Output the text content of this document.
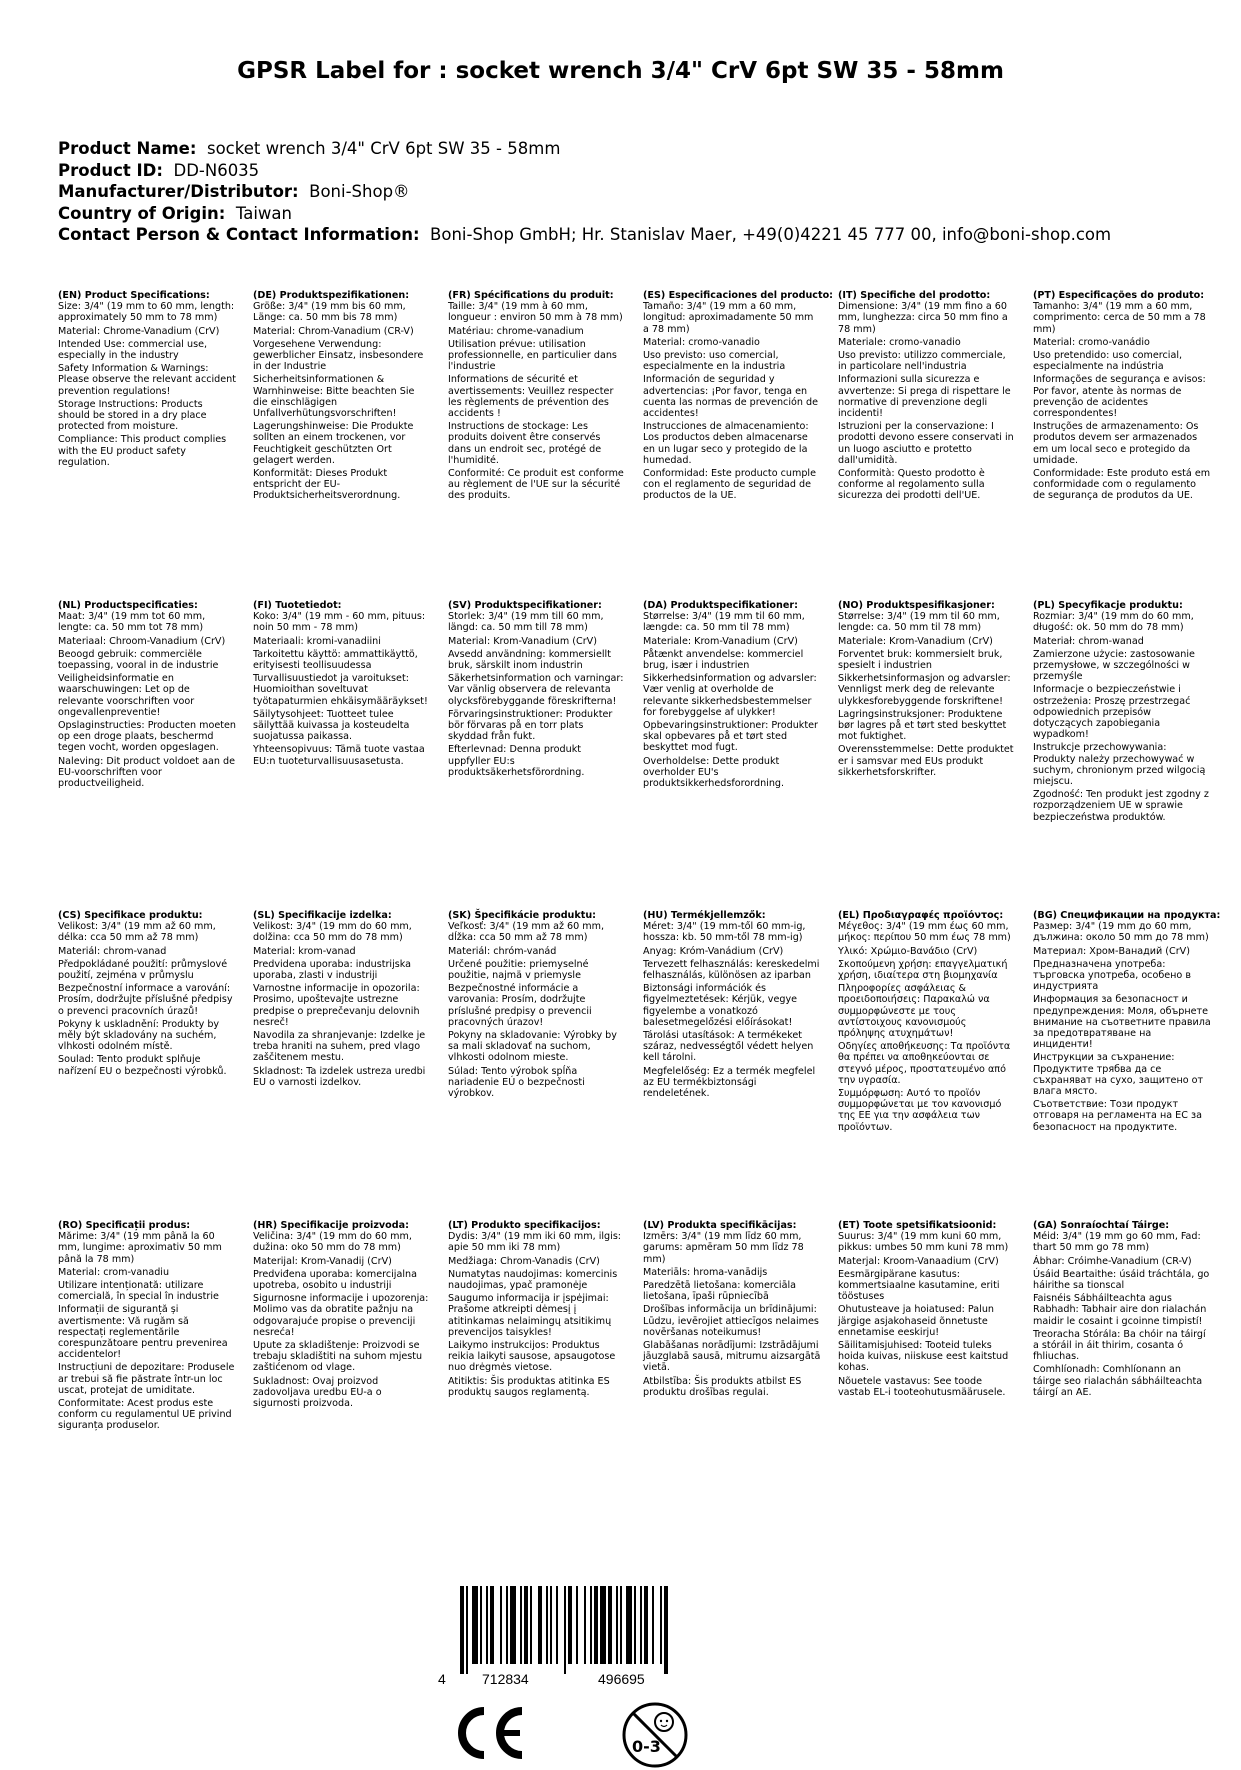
GPSR Label for : socket wrench 3/4" CrV 6pt SW 35 - 58mm
Product Name: socket wrench 3/4" CrV 6pt SW 35 - 58mm
Product ID: DD-N6035
Manufacturer/Distributor: Boni-Shop®
Country of Origin: Taiwan
Contact Person & Contact Information: Boni-Shop GmbH; Hr. Stanislav Maer, +49(0)4221 45 777 00, info@boni-shop.com
(EN) Product Specifications:

Size: 3/4" (19 mm to 60 mm, length: approximately 50 mm to 78 mm)

Material: Chrome-Vanadium (CrV)

Intended Use: commercial use, especially in the industry

Safety Information & Warnings: Please observe the relevant accident prevention regulations!

Storage Instructions: Products should be stored in a dry place protected from moisture.

Compliance: This product complies with the EU product safety regulation.

(DE) Produktspezifikationen:

Größe: 3/4" (19 mm bis 60 mm, Länge: ca. 50 mm bis 78 mm)

Material: Chrom-Vanadium (CR-V)

Vorgesehene Verwendung: gewerblicher Einsatz, insbesondere in der Industrie

Sicherheitsinformationen & Warnhinweise: Bitte beachten Sie die einschlägigen Unfallverhütungsvorschriften!

Lagerungshinweise: Die Produkte sollten an einem trockenen, vor Feuchtigkeit geschützten Ort gelagert werden.

Konformität: Dieses Produkt entspricht der EU-Produktsicherheitsverordnung.

(FR) Spécifications du produit:

Taille: 3/4" (19 mm à 60 mm, longueur : environ 50 mm à 78 mm)

Matériau: chrome-vanadium

Utilisation prévue: utilisation professionnelle, en particulier dans l'industrie

Informations de sécurité et avertissements: Veuillez respecter les règlements de prévention des accidents !

Instructions de stockage: Les produits doivent être conservés dans un endroit sec, protégé de l'humidité.

Conformité: Ce produit est conforme au règlement de l'UE sur la sécurité des produits.

(ES) Especificaciones del producto:

Tamaño: 3/4" (19 mm a 60 mm, longitud: aproximadamente 50 mm a 78 mm)

Material: cromo-vanadio

Uso previsto: uso comercial, especialmente en la industria

Información de seguridad y advertencias: ¡Por favor, tenga en cuenta las normas de prevención de accidentes!

Instrucciones de almacenamiento: Los productos deben almacenarse en un lugar seco y protegido de la humedad.

Conformidad: Este producto cumple con el reglamento de seguridad de productos de la UE.

(IT) Specifiche del prodotto:

Dimensione: 3/4" (19 mm fino a 60 mm, lunghezza: circa 50 mm fino a 78 mm)

Materiale: cromo-vanadio

Uso previsto: utilizzo commerciale, in particolare nell'industria

Informazioni sulla sicurezza e avvertenze: Si prega di rispettare le normative di prevenzione degli incidenti!

Istruzioni per la conservazione: I prodotti devono essere conservati in un luogo asciutto e protetto dall'umidità.

Conformità: Questo prodotto è conforme al regolamento sulla sicurezza dei prodotti dell'UE.

(PT) Especificações do produto:

Tamanho: 3/4" (19 mm a 60 mm, comprimento: cerca de 50 mm a 78 mm)

Material: cromo-vanádio

Uso pretendido: uso comercial, especialmente na indústria

Informações de segurança e avisos: Por favor, atente às normas de prevenção de acidentes correspondentes!

Instruções de armazenamento: Os produtos devem ser armazenados em um local seco e protegido da umidade.

Conformidade: Este produto está em conformidade com o regulamento de segurança de produtos da UE.

(NL) Productspecificaties:

Maat: 3/4" (19 mm tot 60 mm, lengte: ca. 50 mm tot 78 mm)

Materiaal: Chroom-Vanadium (CrV)

Beoogd gebruik: commerciële toepassing, vooral in de industrie

Veiligheidsinformatie en waarschuwingen: Let op de relevante voorschriften voor ongevallenpreventie!

Opslaginstructies: Producten moeten op een droge plaats, beschermd tegen vocht, worden opgeslagen.

Naleving: Dit product voldoet aan de EU-voorschriften voor productveiligheid.

(FI) Tuotetiedot:

Koko: 3/4" (19 mm - 60 mm, pituus: noin 50 mm - 78 mm)

Materiaali: kromi-vanadiini

Tarkoitettu käyttö: ammattikäyttö, erityisesti teollisuudessa

Turvallisuustiedot ja varoitukset: Huomioithan soveltuvat työtapaturmien ehkäisymääräykset!

Säilytysohjeet: Tuotteet tulee säilyttää kuivassa ja kosteudelta suojatussa paikassa.

Yhteensopivuus: Tämä tuote vastaa EU:n tuoteturvallisuusasetusta.

(SV) Produktspecifikationer:

Storlek: 3/4" (19 mm till 60 mm, längd: ca. 50 mm till 78 mm)

Material: Krom-Vanadium (CrV)

Avsedd användning: kommersiellt bruk, särskilt inom industrin

Säkerhetsinformation och varningar: Var vänlig observera de relevanta olycksförebyggande föreskrifterna!

Förvaringsinstruktioner: Produkter bör förvaras på en torr plats skyddad från fukt.

Efterlevnad: Denna produkt uppfyller EU:s produktsäkerhetsförordning.

(DA) Produktspecifikationer:

Størrelse: 3/4" (19 mm til 60 mm, længde: ca. 50 mm til 78 mm)

Materiale: Krom-Vanadium (CrV)

Påtænkt anvendelse: kommerciel brug, især i industrien

Sikkerhedsinformation og advarsler: Vær venlig at overholde de relevante sikkerhedsbestemmelser for forebyggelse af ulykker!

Opbevaringsinstruktioner: Produkter skal opbevares på et tørt sted beskyttet mod fugt.

Overholdelse: Dette produkt overholder EU's produktsikkerhedsforordning.

(NO) Produktspesifikasjoner:

Størrelse: 3/4" (19 mm til 60 mm, lengde: ca. 50 mm til 78 mm)

Materiale: Krom-Vanadium (CrV)

Forventet bruk: kommersielt bruk, spesielt i industrien

Sikkerhetsinformasjon og advarsler: Vennligst merk deg de relevante ulykkesforebyggende forskriftene!

Lagringsinstruksjoner: Produktene bør lagres på et tørt sted beskyttet mot fuktighet.

Overensstemmelse: Dette produktet er i samsvar med EUs produkt sikkerhetsforskrifter.

(PL) Specyfikacje produktu:

Rozmiar: 3/4" (19 mm do 60 mm, długość: ok. 50 mm do 78 mm)

Materiał: chrom-wanad

Zamierzone użycie: zastosowanie przemysłowe, w szczególności w przemyśle

Informacje o bezpieczeństwie i ostrzeżenia: Proszę przestrzegać odpowiednich przepisów dotyczących zapobiegania wypadkom!

Instrukcje przechowywania: Produkty należy przechowywać w suchym, chronionym przed wilgocią miejscu.

Zgodność: Ten produkt jest zgodny z rozporządzeniem UE w sprawie bezpieczeństwa produktów.

(CS) Specifikace produktu:

Velikost: 3/4" (19 mm až 60 mm, délka: cca 50 mm až 78 mm)

Materiál: chrom-vanad

Předpokládané použití: průmyslové použití, zejména v průmyslu

Bezpečnostní informace a varování: Prosím, dodržujte příslušné předpisy o prevenci pracovních úrazů!

Pokyny k uskladnění: Produkty by měly být skladovány na suchém, vlhkosti odolném místě.

Soulad: Tento produkt splňuje nařízení EU o bezpečnosti výrobků.

(SL) Specifikacije izdelka:

Velikost: 3/4" (19 mm do 60 mm, dolžina: cca 50 mm do 78 mm)

Material: krom-vanad

Predvidena uporaba: industrijska uporaba, zlasti v industriji

Varnostne informacije in opozorila: Prosimo, upoštevajte ustrezne predpise o preprečevanju delovnih nesreč!

Navodila za shranjevanje: Izdelke je treba hraniti na suhem, pred vlago zaščitenem mestu.

Skladnost: Ta izdelek ustreza uredbi EU o varnosti izdelkov.

(SK) Špecifikácie produktu:

Veľkosť: 3/4" (19 mm až 60 mm, dĺžka: cca 50 mm až 78 mm)

Materiál: chróm-vanád

Určené použitie: priemyselné použitie, najmä v priemysle

Bezpečnostné informácie a varovania: Prosím, dodržujte príslušné predpisy o prevencii pracovných úrazov!

Pokyny na skladovanie: Výrobky by sa mali skladovať na suchom, vlhkosti odolnom mieste.

Súlad: Tento výrobok spĺňa nariadenie EÚ o bezpečnosti výrobkov.

(HU) Termékjellemzők:

Méret: 3/4" (19 mm-től 60 mm-ig, hossza: kb. 50 mm-től 78 mm-ig)

Anyag: Króm-Vanádium (CrV)

Tervezett felhasználás: kereskedelmi felhasználás, különösen az iparban

Biztonsági információk és figyelmeztetések: Kérjük, vegye figyelembe a vonatkozó balesetmegelőzési előírásokat!

Tárolási utasítások: A termékeket száraz, nedvességtől védett helyen kell tárolni.

Megfelelőség: Ez a termék megfelel az EU termékbiztonsági rendeletének.

(EL) Προδιαγραφές προϊόντος:

Μέγεθος: 3/4" (19 mm έως 60 mm, μήκος: περίπου 50 mm έως 78 mm)

Υλικό: Χρώμιο-Βανάδιο (CrV)

Σκοπούμενη χρήση: επαγγελματική χρήση, ιδιαίτερα στη βιομηχανία

Πληροφορίες ασφάλειας & προειδοποιήσεις: Παρακαλώ να συμμορφώνεστε με τους αντίστοιχους κανονισμούς πρόληψης ατυχημάτων!

Οδηγίες αποθήκευσης: Τα προϊόντα θα πρέπει να αποθηκεύονται σε στεγνό μέρος, προστατευμένο από την υγρασία.

Συμμόρφωση: Αυτό το προϊόν συμμορφώνεται με τον κανονισμό της ΕΕ για την ασφάλεια των προϊόντων.

(BG) Спецификации на продукта:

Размер: 3/4" (19 mm до 60 mm, дължина: около 50 mm до 78 mm)

Материал: Хром-Ванадий (CrV)

Предназначена употреба: търговска употреба, особено в индустрията

Информация за безопасност и предупреждения: Моля, обърнете внимание на съответните правила за предотвратяване на инциденти!

Инструкции за съхранение: Продуктите трябва да се съхраняват на сухо, защитено от влага място.

Съответствие: Този продукт отговаря на регламента на ЕС за безопасност на продуктите.

(RO) Specificații produs:

Mărime: 3/4" (19 mm până la 60 mm, lungime: aproximativ 50 mm până la 78 mm)

Material: crom-vanadiu

Utilizare intenționată: utilizare comercială, în special în industrie

Informații de siguranță și avertismente: Vă rugăm să respectați reglementările corespunzătoare pentru prevenirea accidentelor!

Instrucțiuni de depozitare: Produsele ar trebui să fie păstrate într-un loc uscat, protejat de umiditate.

Conformitate: Acest produs este conform cu regulamentul UE privind siguranța produselor.

(HR) Specifikacije proizvoda:

Veličina: 3/4" (19 mm do 60 mm, dužina: oko 50 mm do 78 mm)

Materijal: Krom-Vanadij (CrV)

Predviđena uporaba: komercijalna upotreba, osobito u industriji

Sigurnosne informacije i upozorenja: Molimo vas da obratite pažnju na odgovarajuće propise o prevenciji nesreća!

Upute za skladištenje: Proizvodi se trebaju skladištiti na suhom mjestu zaštićenom od vlage.

Sukladnost: Ovaj proizvod zadovoljava uredbu EU-a o sigurnosti proizvoda.

(LT) Produkto specifikacijos:

Dydis: 3/4" (19 mm iki 60 mm, ilgis: apie 50 mm iki 78 mm)

Medžiaga: Chrom-Vanadis (CrV)

Numatytas naudojimas: komercinis naudojimas, ypač pramonėje

Saugumo informacija ir įspėjimai: Prašome atkreipti dėmesį į atitinkamas nelaimingų atsitikimų prevencijos taisykles!

Laikymo instrukcijos: Produktus reikia laikyti sausose, apsaugotose nuo drėgmės vietose.

Atitiktis: Šis produktas atitinka ES produktų saugos reglamentą.

(LV) Produkta specifikācijas:

Izmērs: 3/4" (19 mm līdz 60 mm, garums: apmēram 50 mm līdz 78 mm)

Materiāls: hroma-vanādijs

Paredzētā lietošana: komerciāla lietošana, īpaši rūpniecībā

Drošības informācija un brīdinājumi: Lūdzu, ievērojiet attiecīgos nelaimes novēršanas noteikumus!

Glabāšanas norādījumi: Izstrādājumi jāuzglabā sausā, mitrumu aizsargātā vietā.

Atbilstība: Šis produkts atbilst ES produktu drošības regulai.

(ET) Toote spetsifikatsioonid:

Suurus: 3/4" (19 mm kuni 60 mm, pikkus: umbes 50 mm kuni 78 mm)

Materjal: Kroom-Vanaadium (CrV)

Eesmärgipärane kasutus: kommertsiaalne kasutamine, eriti tööstuses

Ohutusteave ja hoiatused: Palun järgige asjakohaseid õnnetuste ennetamise eeskirju!

Säilitamisjuhised: Tooteid tuleks hoida kuivas, niiskuse eest kaitstud kohas.

Nõuetele vastavus: See toode vastab EL-i tooteohutusmäärusele.

(GA) Sonraíochtaí Táirge:

Méid: 3/4" (19 mm go 60 mm, Fad: thart 50 mm go 78 mm)

Ábhar: Cróimhe-Vanadium (CR-V)

Úsáid Beartaithe: úsáid tráchtála, go háirithe sa tionscal

Faisnéis Sábháilteachta agus Rabhadh: Tabhair aire don rialachán maidir le cosaint i gcoinne timpistí!

Treoracha Stórála: Ba chóir na táirgí a stóráil in áit thirim, cosanta ó fhliuchas.

Comhlíonadh: Comhlíonann an táirge seo rialachán sábháilteachta táirgí an AE.

4	712834	496695
0-3
